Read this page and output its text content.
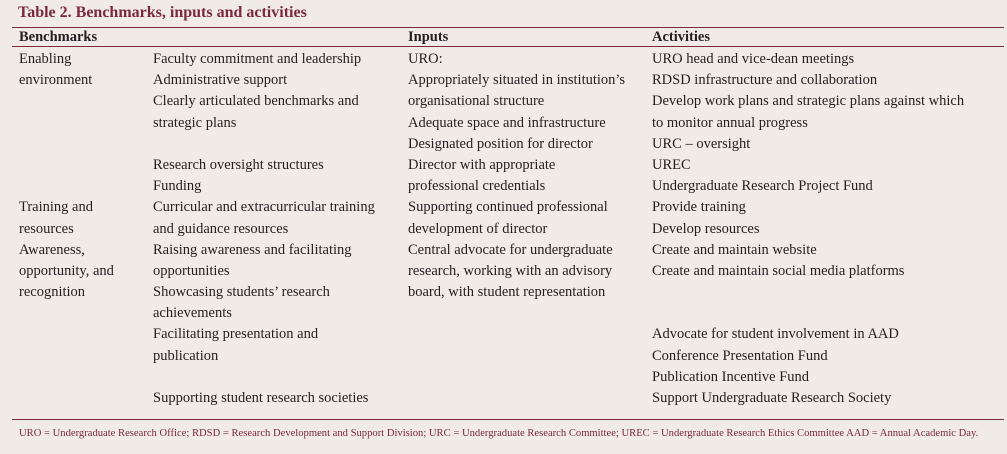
Table 2. Benchmarks, inputs and activities
Benchmarks	Inputs	Activities
Enabling
environment
Training and
resources
Awareness,
opportunity, and
recognition
Faculty commitment and leadership
Administrative support
Clearly articulated benchmarks and
strategic plans
Research oversight structures
Funding
Curricular and extracurricular training
and guidance resources
Raising awareness and facilitating
opportunities
Showcasing students’ research
achievements
Facilitating presentation and
publication
Supporting student research societies
URO:
Appropriately situated in institution’s
organisational structure
Adequate space and infrastructure
Designated position for director
Director with appropriate
professional credentials
Supporting continued professional
development of director
Central advocate for undergraduate
research, working with an advisory
board, with student representation
URO head and vice-dean meetings
RDSD infrastructure and collaboration
Develop work plans and strategic plans against which
to monitor annual progress
URC – oversight
UREC
Undergraduate Research Project Fund
Provide training
Develop resources
Create and maintain website
Create and maintain social media platforms
Advocate for student involvement in AAD
Conference Presentation Fund
Publication Incentive Fund
Support Undergraduate Research Society
URO = Undergraduate Research Office; RDSD = Research Development and Support Division; URC = Undergraduate Research Committee; UREC = Undergraduate Research Ethics Committee AAD = Annual Academic Day.
